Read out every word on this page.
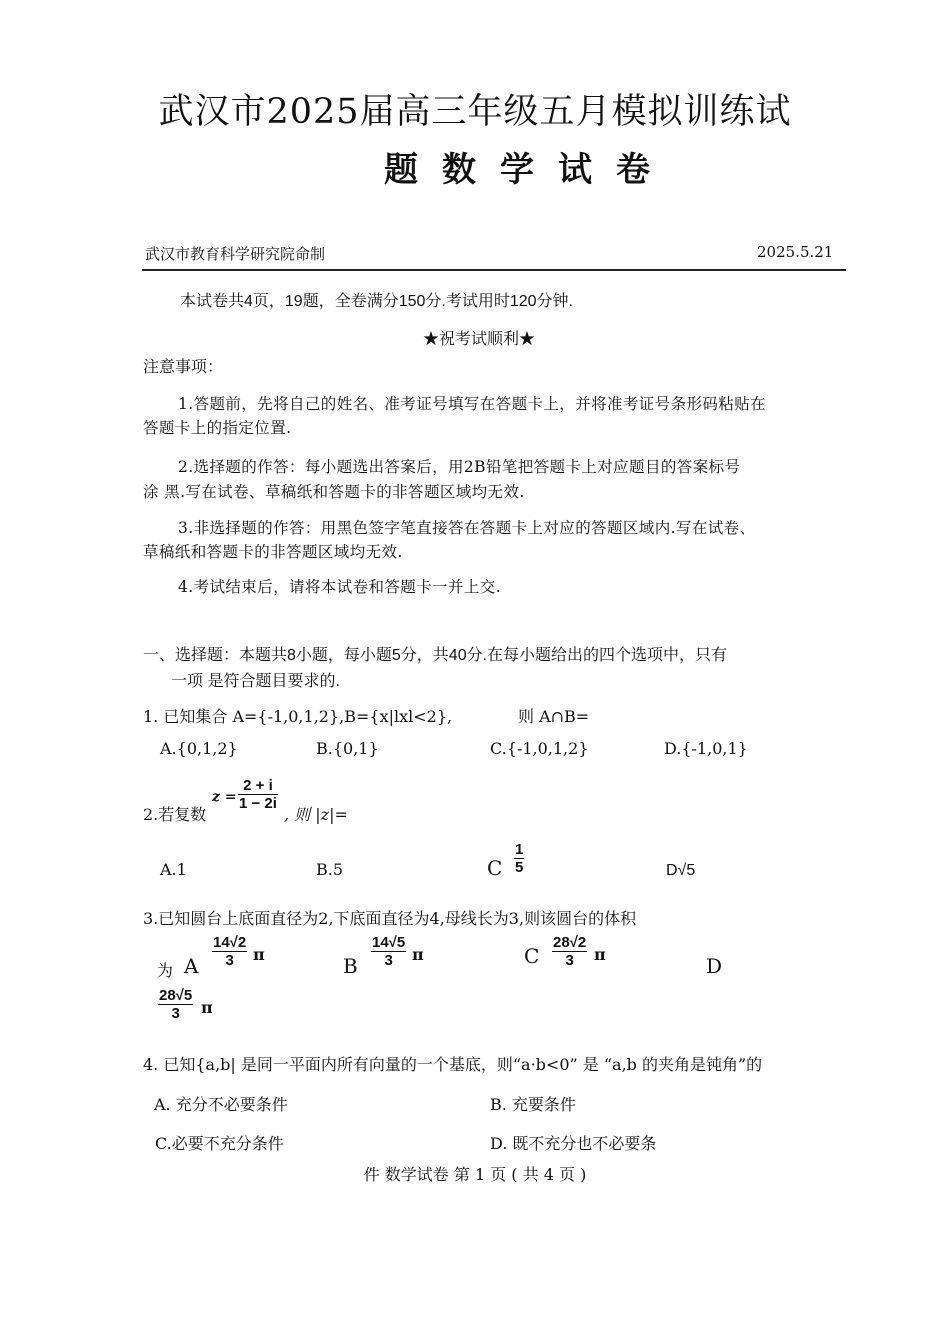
武汉市2025届高三年级五月模拟训练试
题数学试卷
武汉市教育科学研究院命制	2025.5.21
本试卷共4页，19题，全卷满分150分.考试用时120分钟.
★祝考试顺利★
注意事项：
1.答题前，先将自己的姓名、准考证号填写在答题卡上，并将准考证号条形码粘贴在
答题卡上的指定位置.
2.选择题的作答：每小题选出答案后，用2B铅笔把答题卡上对应题目的答案标号
涂 黑.写在试卷、草稿纸和答题卡的非答题区域均无效.
3.非选择题的作答：用黑色签字笔直接答在答题卡上对应的答题区域内.写在试卷、
草稿纸和答题卡的非答题区域均无效.
4.考试结束后，请将本试卷和答题卡一并上交.
一、选择题：本题共8小题，每小题5分，共40分.在每小题给出的四个选项中，只有
一项 是符合题目要求的.
1. 已知集合 A={-1,0,1,2},B={x|lxl<2},	则 A∩B=
A.{0,1,2}	B.{0,1}	C.{-1,0,1,2}	D.{-1,0,1}
2.若复数
z =
2 + i
1 − 2i
, 则 |z|=
A.1	B.5	C
1
5	D√5
3.已知圆台上底面直径为2,下底面直径为4,母线长为3,则该圆台的体积
为 A
14√2
3 π	B
14√5
3 π	C
28√2
3 π	D
28√5
3 π
4. 已知{a,b| 是同一平面内所有向量的一个基底，则“a·b<0” 是 “a,b 的夹角是钝角”的
A. 充分不必要条件	B. 充要条件
C.必要不充分条件	D. 既不充分也不必要条
件 数学试卷 第 1 页 ( 共 4 页 )
